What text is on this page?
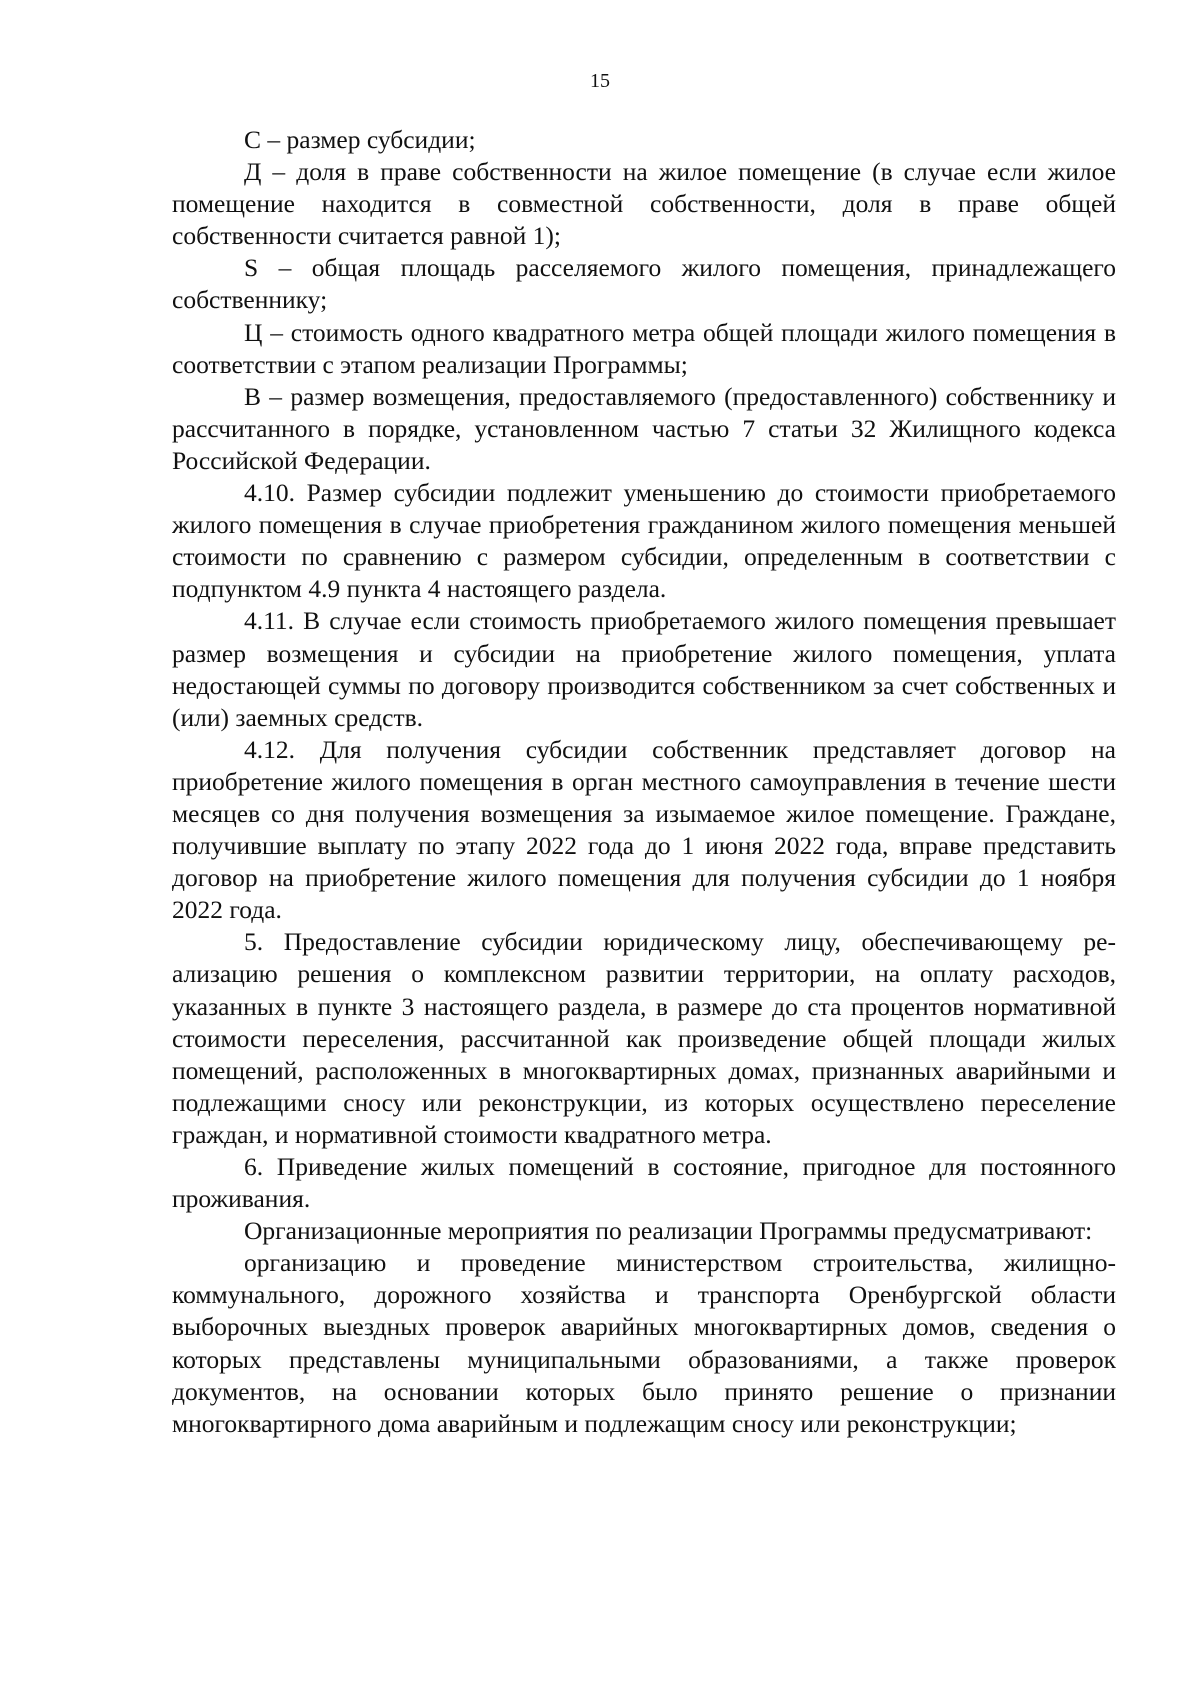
15

С – размер субсидии;

Д – доля в праве собственности на жилое помещение (в случае если жилое помещение находится в совместной собственности, доля в праве общей собственности считается равной 1);

S – общая площадь расселяемого жилого помещения, принадлежащего собственнику;

Ц – стоимость одного квадратного метра общей площади жилого помещения в соответствии с этапом реализации Программы;

В – размер возмещения, предоставляемого (предоставленного) собственнику и рассчитанного в порядке, установленном частью 7 статьи 32 Жилищного кодекса Российской Федерации.

4.10. Размер субсидии подлежит уменьшению до стоимости приобретаемого жилого помещения в случае приобретения гражданином жилого помещения меньшей стоимости по сравнению с размером субсидии, определенным в соответствии с подпунктом 4.9 пункта 4 настоящего раздела.

4.11. В случае если стоимость приобретаемого жилого помещения превышает размер возмещения и субсидии на приобретение жилого помещения, уплата недостающей суммы по договору производится собственником за счет собственных и (или) заемных средств.

4.12. Для получения субсидии собственник представляет договор на приобретение жилого помещения в орган местного самоуправления в течение шести месяцев со дня получения возмещения за изымаемое жилое помещение. Граждане, получившие выплату по этапу 2022 года до 1 июня 2022 года, вправе представить договор на приобретение жилого помещения для получения субсидии до 1 ноября 2022 года.

5. Предоставление субсидии юридическому лицу, обеспечивающему реализацию решения о комплексном развитии территории, на оплату расходов, указанных в пункте 3 настоящего раздела, в размере до ста процентов нормативной стоимости переселения, рассчитанной как произведение общей площади жилых помещений, расположенных в многоквартирных домах, признанных аварийными и подлежащими сносу или реконструкции, из которых осуществлено переселение граждан, и нормативной стоимости квадратного метра.

6. Приведение жилых помещений в состояние, пригодное для постоянного проживания.

Организационные мероприятия по реализации Программы предусматривают:

организацию и проведение министерством строительства, жилищно-коммунального, дорожного хозяйства и транспорта Оренбургской области выборочных выездных проверок аварийных многоквартирных домов, сведения о которых представлены муниципальными образованиями, а также проверок документов, на основании которых было принято решение о признании многоквартирного дома аварийным и подлежащим сносу или реконструкции;
